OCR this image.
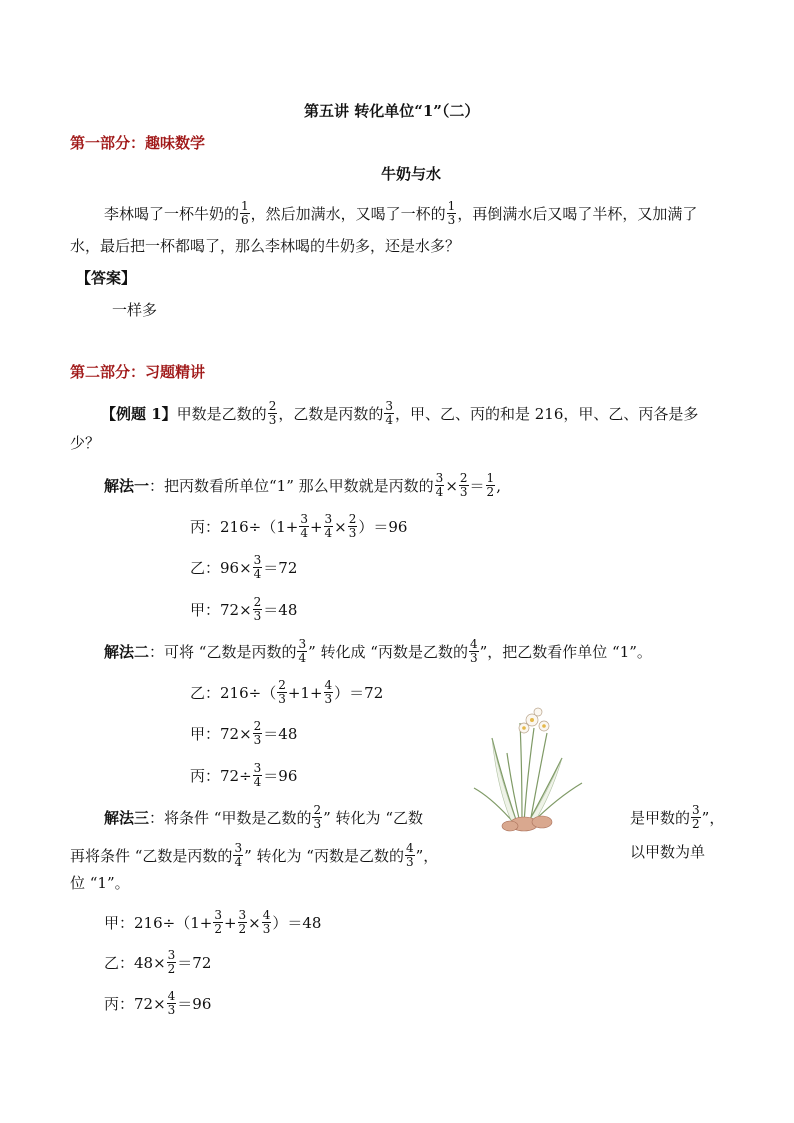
第五讲 转化单位“1”（二）
第一部分：趣味数学
牛奶与水
李林喝了一杯牛奶的 1
6 ，然后加满水，又喝了一杯的 1
3 ，再倒满水后又喝了半杯，又加满了
水，最后把一杯都喝了，那么李林喝的牛奶多，还是水多？
【答案】
一样多
第二部分：习题精讲
【例题 1】 甲数是乙数的 2
3 ，乙数是丙数的 3
4 ，甲、乙、丙的和是 216，甲、乙、丙各是多
少？
解法一 ：把丙数看所单位“1” 那么甲数就是丙数的 3
4 × 2
3 ＝ 1
2 ,
丙：216÷（1+ 3
4 + 3
4 × 2
3 ）＝96
乙：96× 3
4 ＝72
甲：72× 2
3 ＝48
解法二 ：可将 “乙数是丙数的 3
4 ” 转化成 “丙数是乙数的 4
3 ”，把乙数看作单位 “1”。
乙：216÷（ 2
3 +1+ 4
3 ）＝72
甲：72× 2
3 ＝48
丙：72÷ 3
4 ＝96
解法三 ：将条件 “甲数是乙数的 2
3 ” 转化为 “乙数	是甲数的 3
2 ”，
再将条件 “乙数是丙数的 3
4 ” 转化为 “丙数是乙数的 4
3 ”，	以甲数为单
位 “1”。
甲：216÷（1+ 3
2 + 3
2 × 4
3 ）＝48
乙：48× 3
2 ＝72
丙：72× 4
3 ＝96
